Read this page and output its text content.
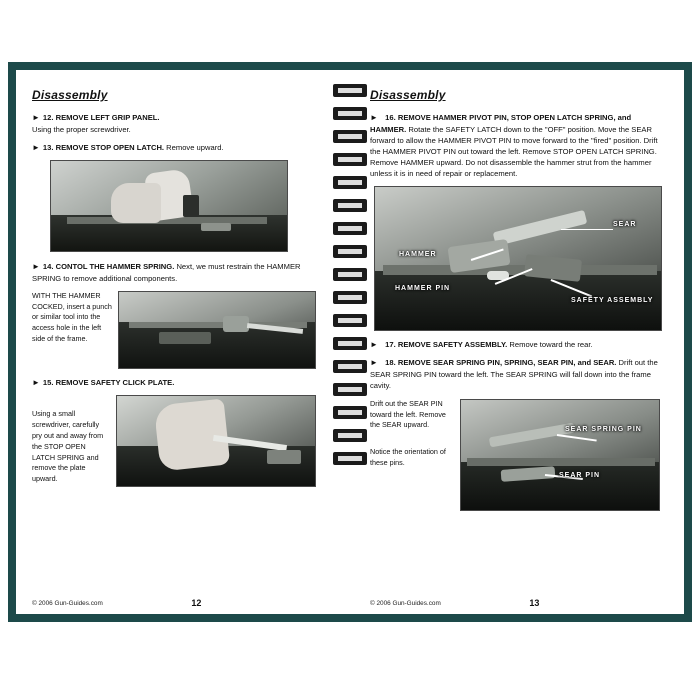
Disassembly
► 12. REMOVE LEFT GRIP PANEL.
Using the proper screwdriver.
► 13. REMOVE STOP OPEN LATCH. Remove upward.
► 14. CONTOL THE HAMMER SPRING. Next, we must restrain the HAMMER SPRING to remove additional components.
WITH THE HAMMER COCKED, insert a punch or similar tool into the access hole in the left side of the frame.
► 15. REMOVE SAFETY CLICK PLATE.
Using a small screwdriver, carefully pry out and away from the STOP OPEN LATCH SPRING and remove the plate upward.
© 2006 Gun-Guides.com	12
Disassembly
► 16. REMOVE HAMMER PIVOT PIN, STOP OPEN LATCH SPRING, and HAMMER. Rotate the SAFETY LATCH down to the "OFF" position. Move the SEAR forward to allow the HAMMER PIVOT PIN to move forward to the "fired" position. Drift the HAMMER PIVOT PIN out toward the left. Remove STOP OPEN LATCH SPRING. Remove HAMMER upward. Do not disassemble the hammer strut from the hammer unless it is in need of repair or replacement.
SEAR
HAMMER
HAMMER PIN
SAFETY ASSEMBLY
► 17. REMOVE SAFETY ASSEMBLY. Remove toward the rear.
► 18. REMOVE SEAR SPRING PIN, SPRING, SEAR PIN, and SEAR. Drift out the SEAR SPRING PIN toward the left. The SEAR SPRING will fall down into the frame cavity.
Drift out the SEAR PIN toward the left. Remove the SEAR upward.
Notice the orientation of these pins.
SEAR SPRING PIN
SEAR PIN
© 2006 Gun-Guides.com	13
